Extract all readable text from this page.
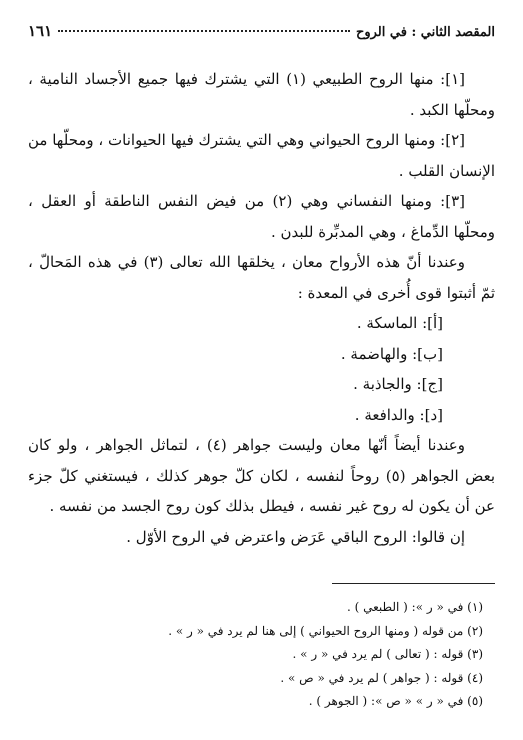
المقصد الثاني : في الروح
١٦١

[١]: منها الروح الطبيعي (١) التي يشترك فيها جميع الأجساد النامية ، ومحلّها الكبد .

[٢]: ومنها الروح الحيواني وهي التي يشترك فيها الحيوانات ، ومحلّها من الإنسان القلب .

[٣]: ومنها النفساني وهي (٢) من فيض النفس الناطقة أو العقل ، ومحلّها الدِّماغ ، وهي المدبِّرة للبدن .

وعندنا أنّ هذه الأرواح معان ، يخلقها الله تعالى (٣) في هذه المَحالّ ، ثمّ أثبتوا قوى أُخرى في المعدة :

[أ]: الماسكة .

[ب]: والهاضمة .

[ج]: والجاذبة .

[د]: والدافعة .

وعندنا أيضاً أنّها معان وليست جواهر (٤) ، لتماثل الجواهر ، ولو كان بعض الجواهر (٥) روحاً لنفسه ، لكان كلّ جوهر كذلك ، فيستغني كلّ جزء عن أن يكون له روح غير نفسه ، فيطل بذلك كون روح الجسد من نفسه .

إن قالوا: الروح الباقي عَرَض واعترض في الروح الأوّل .

(١) في « ر »: ( الطبعي ) .
(٢) من قوله ( ومنها الروح الحيواني ) إلى هنا لم يرد في « ر » .
(٣) قوله : ( تعالى ) لم يرد في « ر » .
(٤) قوله : ( جواهر ) لم يرد في « ص » .
(٥) في « ر » « ص »: ( الجوهر ) .
